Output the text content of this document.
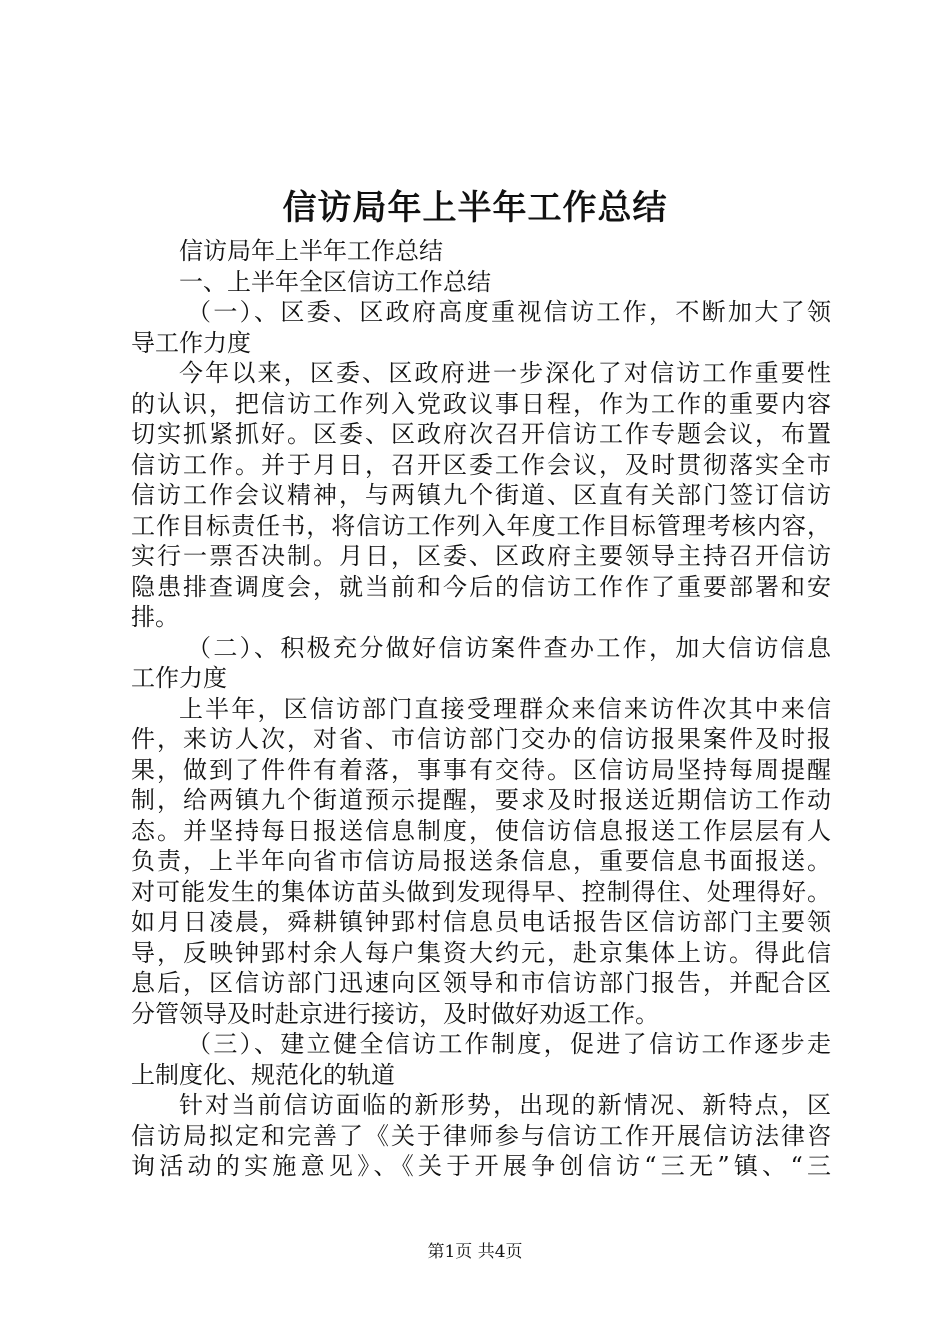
信访局年上半年工作总结
信访局年上半年工作总结
一、上半年全区信访工作总结
（一）、区委、区政府高度重视信访工作，不断加大了领
导工作力度
今年以来，区委、区政府进一步深化了对信访工作重要性
的认识，把信访工作列入党政议事日程，作为工作的重要内容
切实抓紧抓好。区委、区政府次召开信访工作专题会议，布置
信访工作。并于月日，召开区委工作会议，及时贯彻落实全市
信访工作会议精神，与两镇九个街道、区直有关部门签订信访
工作目标责任书，将信访工作列入年度工作目标管理考核内容，
实行一票否决制。月日，区委、区政府主要领导主持召开信访
隐患排查调度会，就当前和今后的信访工作作了重要部署和安
排。
（二）、积极充分做好信访案件查办工作，加大信访信息
工作力度
上半年，区信访部门直接受理群众来信来访件次其中来信
件，来访人次，对省、市信访部门交办的信访报果案件及时报
果，做到了件件有着落，事事有交待。区信访局坚持每周提醒
制，给两镇九个街道预示提醒，要求及时报送近期信访工作动
态。并坚持每日报送信息制度，使信访信息报送工作层层有人
负责，上半年向省市信访局报送条信息，重要信息书面报送。
对可能发生的集体访苗头做到发现得早、控制得住、处理得好。
如月日凌晨，舜耕镇钟郢村信息员电话报告区信访部门主要领
导，反映钟郢村余人每户集资大约元，赴京集体上访。得此信
息后，区信访部门迅速向区领导和市信访部门报告，并配合区
分管领导及时赴京进行接访，及时做好劝返工作。
（三）、建立健全信访工作制度，促进了信访工作逐步走
上制度化、规范化的轨道
针对当前信访面临的新形势，出现的新情况、新特点，区
信访局拟定和完善了《关于律师参与信访工作开展信访法律咨
询活动的实施意见》、《关于开展争创信访“三无”镇、“三
第1页 共4页
